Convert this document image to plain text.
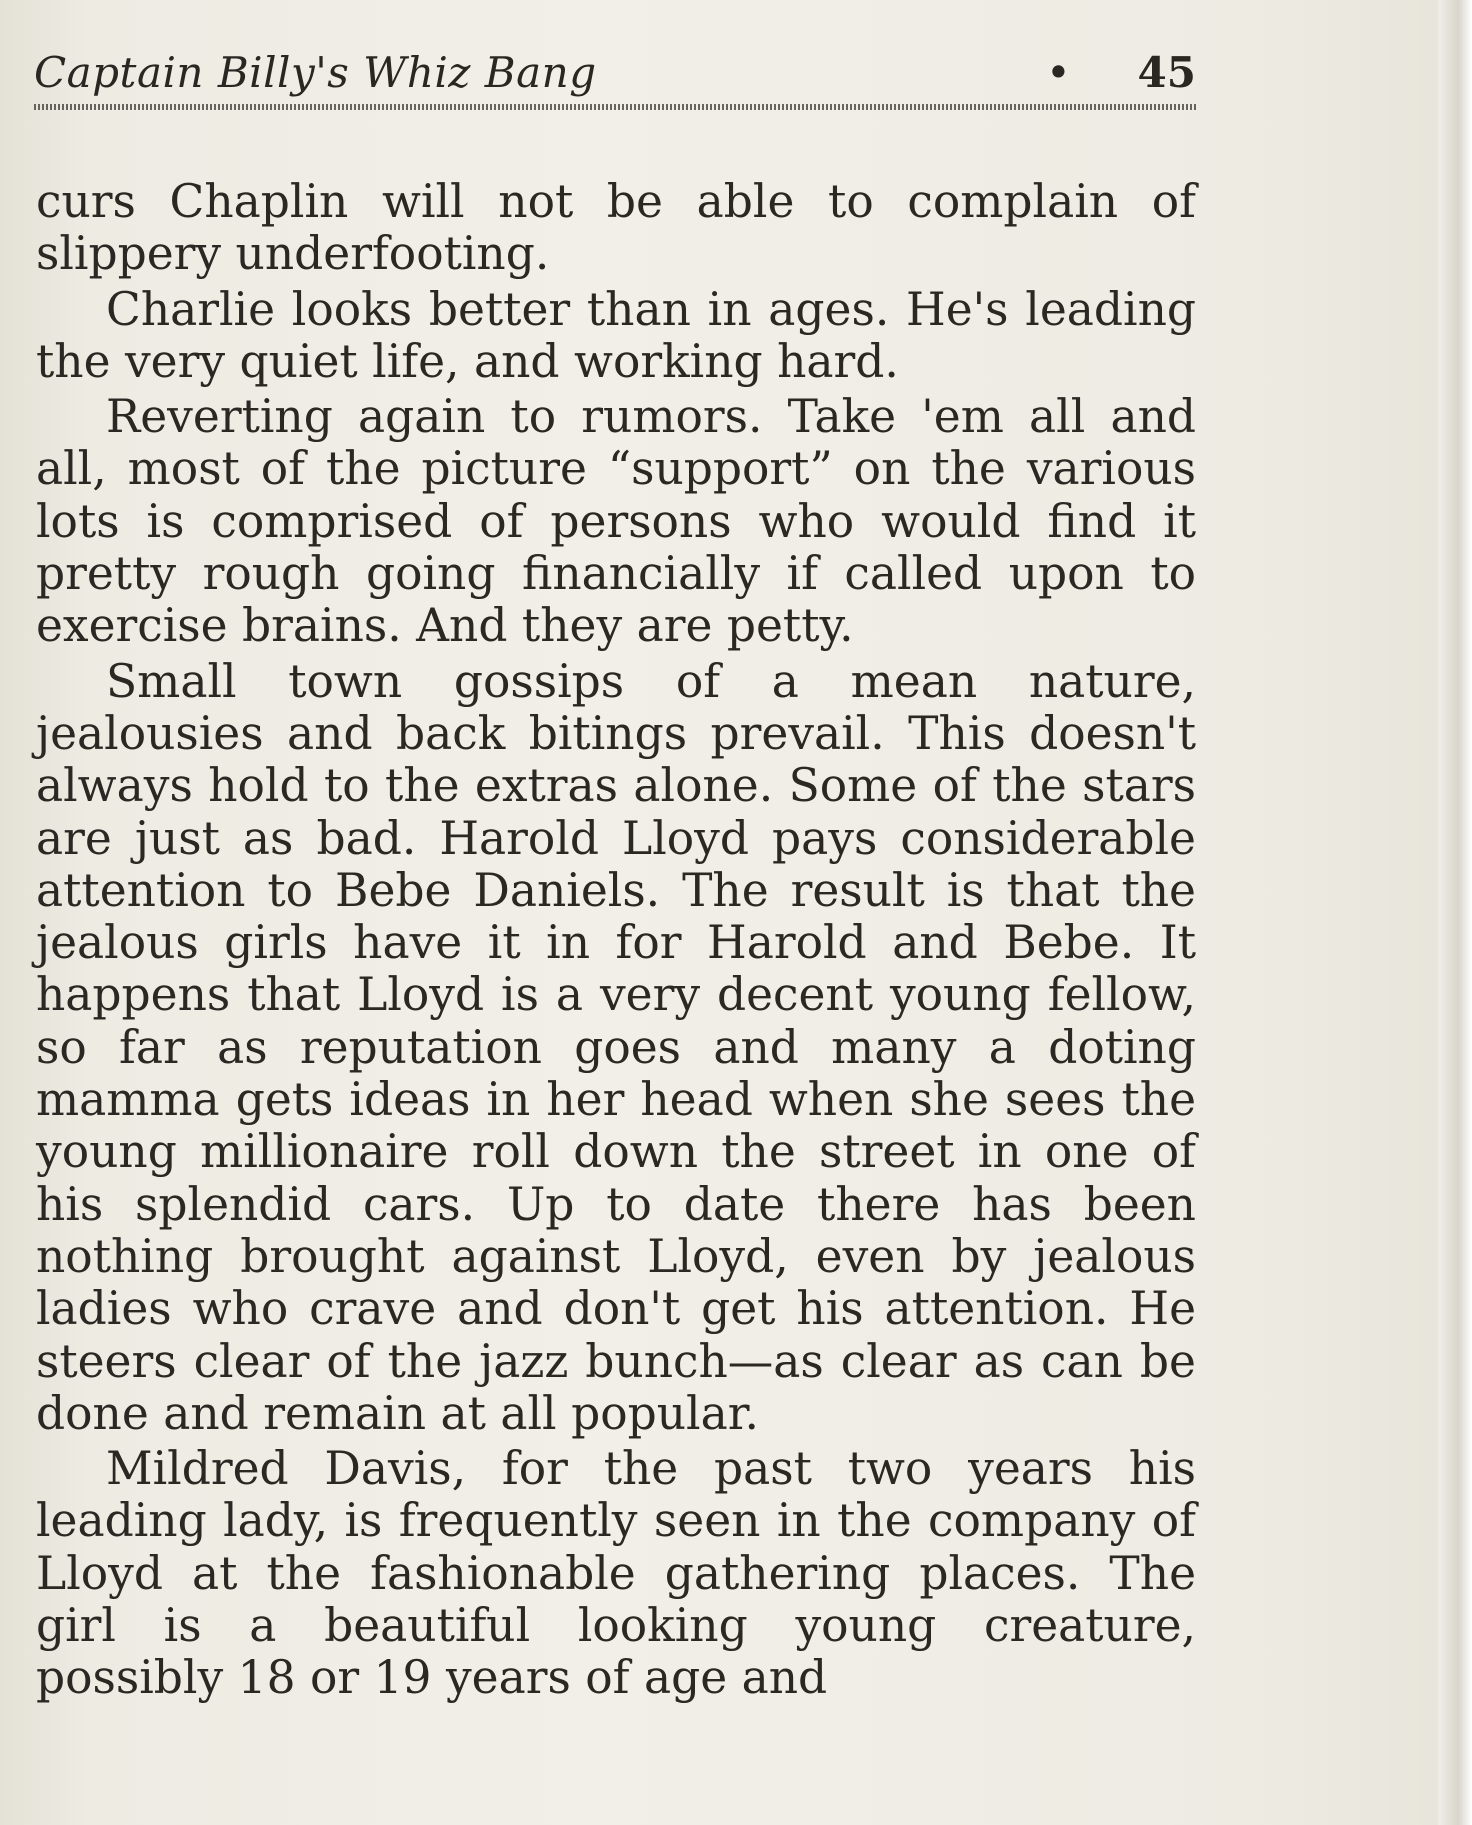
Captain Billy's Whiz Bang	• 45

curs Chaplin will not be able to complain of slippery underfooting.

Charlie looks better than in ages. He's leading the very quiet life, and working hard.

Reverting again to rumors. Take 'em all and all, most of the picture “support” on the various lots is comprised of persons who would find it pretty rough going financially if called upon to exercise brains. And they are petty.

Small town gossips of a mean nature, jealousies and back bitings prevail. This doesn't always hold to the extras alone. Some of the stars are just as bad. Harold Lloyd pays considerable attention to Bebe Daniels. The result is that the jealous girls have it in for Harold and Bebe. It happens that Lloyd is a very decent young fellow, so far as reputation goes and many a doting mamma gets ideas in her head when she sees the young millionaire roll down the street in one of his splendid cars. Up to date there has been nothing brought against Lloyd, even by jealous ladies who crave and don't get his attention. He steers clear of the jazz bunch—as clear as can be done and remain at all popular.

Mildred Davis, for the past two years his leading lady, is frequently seen in the company of Lloyd at the fashionable gathering places. The girl is a beautiful looking young creature, possibly 18 or 19 years of age and
